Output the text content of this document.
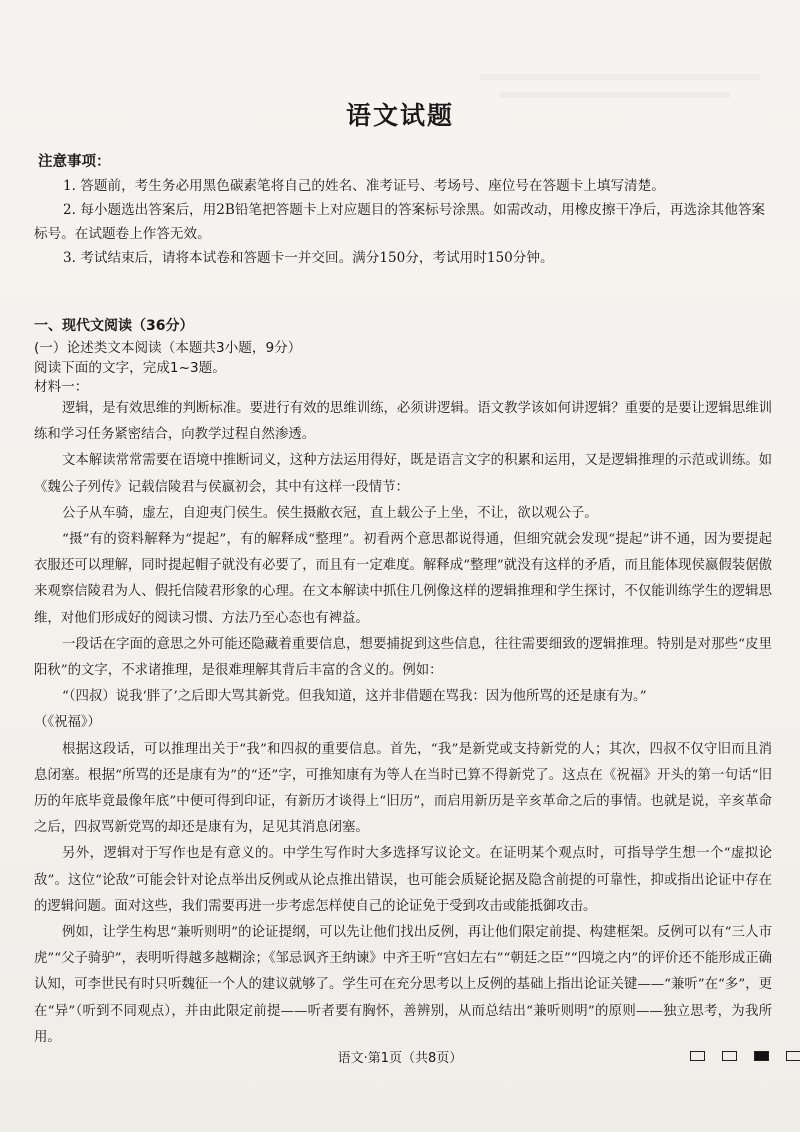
语文试题
注意事项：

1. 答题前，考生务必用黑色碳素笔将自己的姓名、准考证号、考场号、座位号在答题卡上填写清楚。

2. 每小题选出答案后，用2B铅笔把答题卡上对应题目的答案标号涂黑。如需改动，用橡皮擦干净后，再选涂其他答案标号。在试题卷上作答无效。

3. 考试结束后，请将本试卷和答题卡一并交回。满分150分，考试用时150分钟。

一、现代文阅读（36分）

(一）论述类文本阅读（本题共3小题，9分）

阅读下面的文字，完成1~3题。

材料一：

逻辑，是有效思维的判断标准。要进行有效的思维训练，必须讲逻辑。语文教学该如何讲逻辑？重要的是要让逻辑思维训练和学习任务紧密结合，向教学过程自然渗透。

文本解读常常需要在语境中推断词义，这种方法运用得好，既是语言文字的积累和运用，又是逻辑推理的示范或训练。如《魏公子列传》记载信陵君与侯嬴初会，其中有这样一段情节：

公子从车骑，虚左，自迎夷门侯生。侯生摄敝衣冠，直上载公子上坐，不让，欲以观公子。

“摄”有的资料解释为“提起”，有的解释成“整理”。初看两个意思都说得通，但细究就会发现“提起”讲不通，因为要提起衣服还可以理解，同时提起帽子就没有必要了，而且有一定难度。解释成“整理”就没有这样的矛盾，而且能体现侯嬴假装倨傲来观察信陵君为人、假托信陵君形象的心理。在文本解读中抓住几例像这样的逻辑推理和学生探讨，不仅能训练学生的逻辑思维，对他们形成好的阅读习惯、方法乃至心态也有裨益。

一段话在字面的意思之外可能还隐藏着重要信息，想要捕捉到这些信息，往往需要细致的逻辑推理。特别是对那些“皮里阳秋”的文字，不求诸推理，是很难理解其背后丰富的含义的。例如：

“（四叔）说我‘胖了’之后即大骂其新党。但我知道，这并非借题在骂我：因为他所骂的还是康有为。”

（《祝福》）

根据这段话，可以推理出关于“我”和四叔的重要信息。首先，“我”是新党或支持新党的人；其次，四叔不仅守旧而且消息闭塞。根据“所骂的还是康有为”的“还”字，可推知康有为等人在当时已算不得新党了。这点在《祝福》开头的第一句话“旧历的年底毕竟最像年底”中便可得到印证，有新历才谈得上“旧历”，而启用新历是辛亥革命之后的事情。也就是说，辛亥革命之后，四叔骂新党骂的却还是康有为，足见其消息闭塞。

另外，逻辑对于写作也是有意义的。中学生写作时大多选择写议论文。在证明某个观点时，可指导学生想一个“虚拟论敌”。这位“论敌”可能会针对论点举出反例或从论点推出错误，也可能会质疑论据及隐含前提的可靠性，抑或指出论证中存在的逻辑问题。面对这些，我们需要再进一步考虑怎样使自己的论证免于受到攻击或能抵御攻击。

例如，让学生构思“兼听则明”的论证提纲，可以先让他们找出反例，再让他们限定前提、构建框架。反例可以有“三人市虎”“父子骑驴”，表明听得越多越糊涂；《邹忌讽齐王纳谏》中齐王听“宫妇左右”“朝廷之臣”“四境之内”的评价还不能形成正确认知，可李世民有时只听魏征一个人的建议就够了。学生可在充分思考以上反例的基础上指出论证关键——“兼听”在“多”，更在“异”（听到不同观点），并由此限定前提——听者要有胸怀，善辨别，从而总结出“兼听则明”的原则——独立思考，为我所用。

语文·第1页（共8页）
